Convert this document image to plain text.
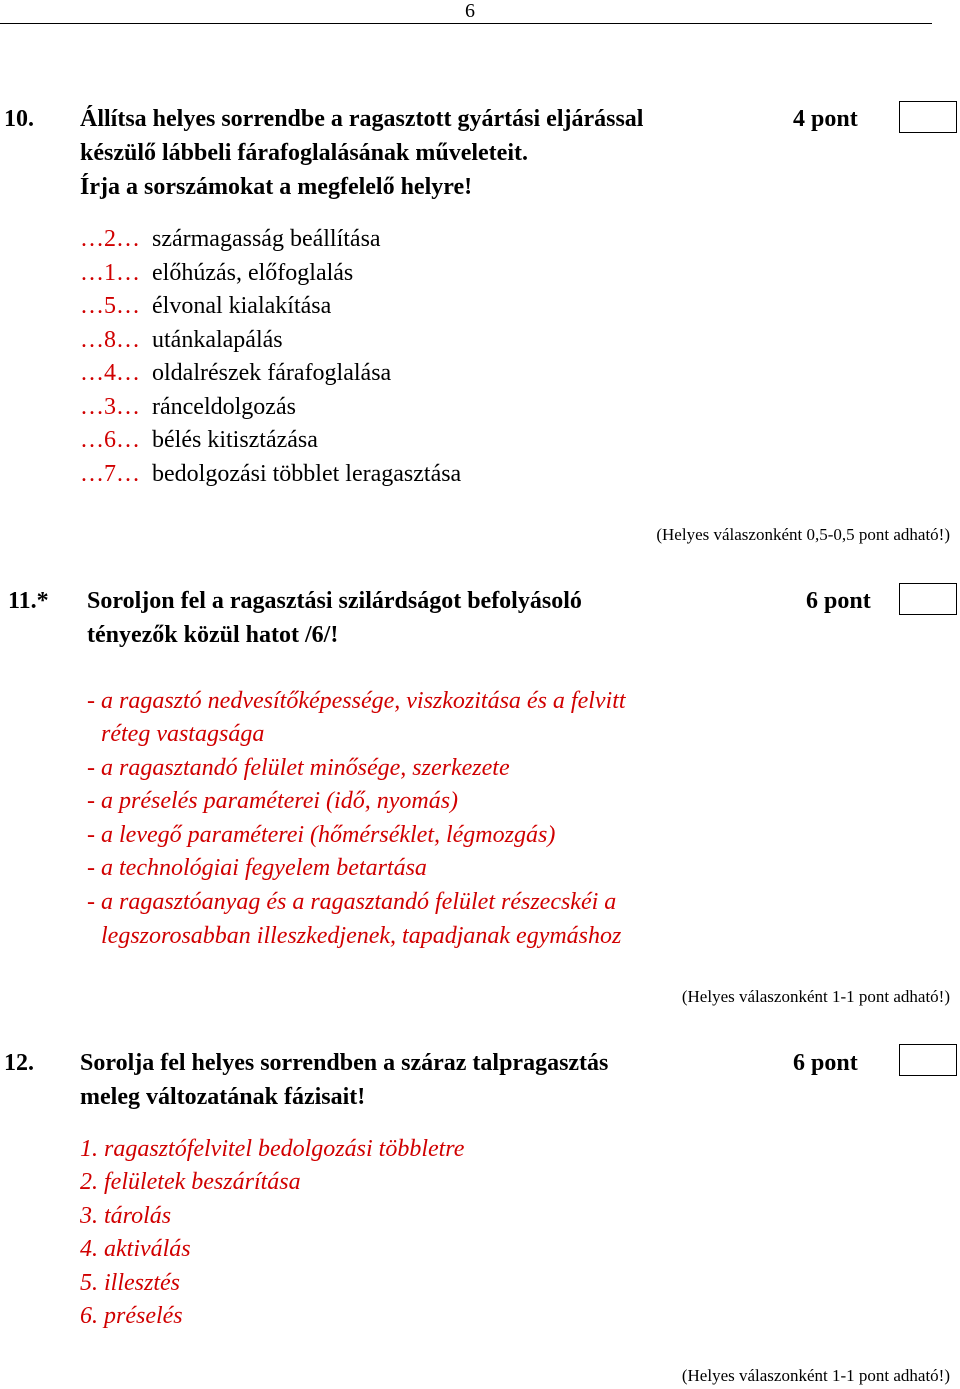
6
10. Állítsa helyes sorrendbe a ragasztott gyártási eljárással
készülő lábbeli fárafoglalásának műveleteit.
Írja a sorszámokat a megfelelő helyre!
4 pont
…2… szármagasság beállítása
…1… előhúzás, előfoglalás
…5… élvonal kialakítása
…8… utánkalapálás
…4… oldalrészek fárafoglalása
…3… ránceldolgozás
…6… bélés kitisztázása
…7… bedolgozási többlet leragasztása
(Helyes válaszonként 0,5-0,5 pont adható!)
11.* Soroljon fel a ragasztási szilárdságot befolyásoló
tényezők közül hatot /6/!
6 pont
- a ragasztó nedvesítőképessége, viszkozitása és a felvitt
réteg vastagsága
- a ragasztandó felület minősége, szerkezete
- a préselés paraméterei (idő, nyomás)
- a levegő paraméterei (hőmérséklet, légmozgás)
- a technológiai fegyelem betartása
- a ragasztóanyag és a ragasztandó felület részecskéi a
legszorosabban illeszkedjenek, tapadjanak egymáshoz
(Helyes válaszonként 1-1 pont adható!)
12. Sorolja fel helyes sorrendben a száraz talpragasztás
meleg változatának fázisait!
6 pont
1. ragasztófelvitel bedolgozási többletre
2. felületek beszárítása
3. tárolás
4. aktiválás
5. illesztés
6. préselés
(Helyes válaszonként 1-1 pont adható!)
